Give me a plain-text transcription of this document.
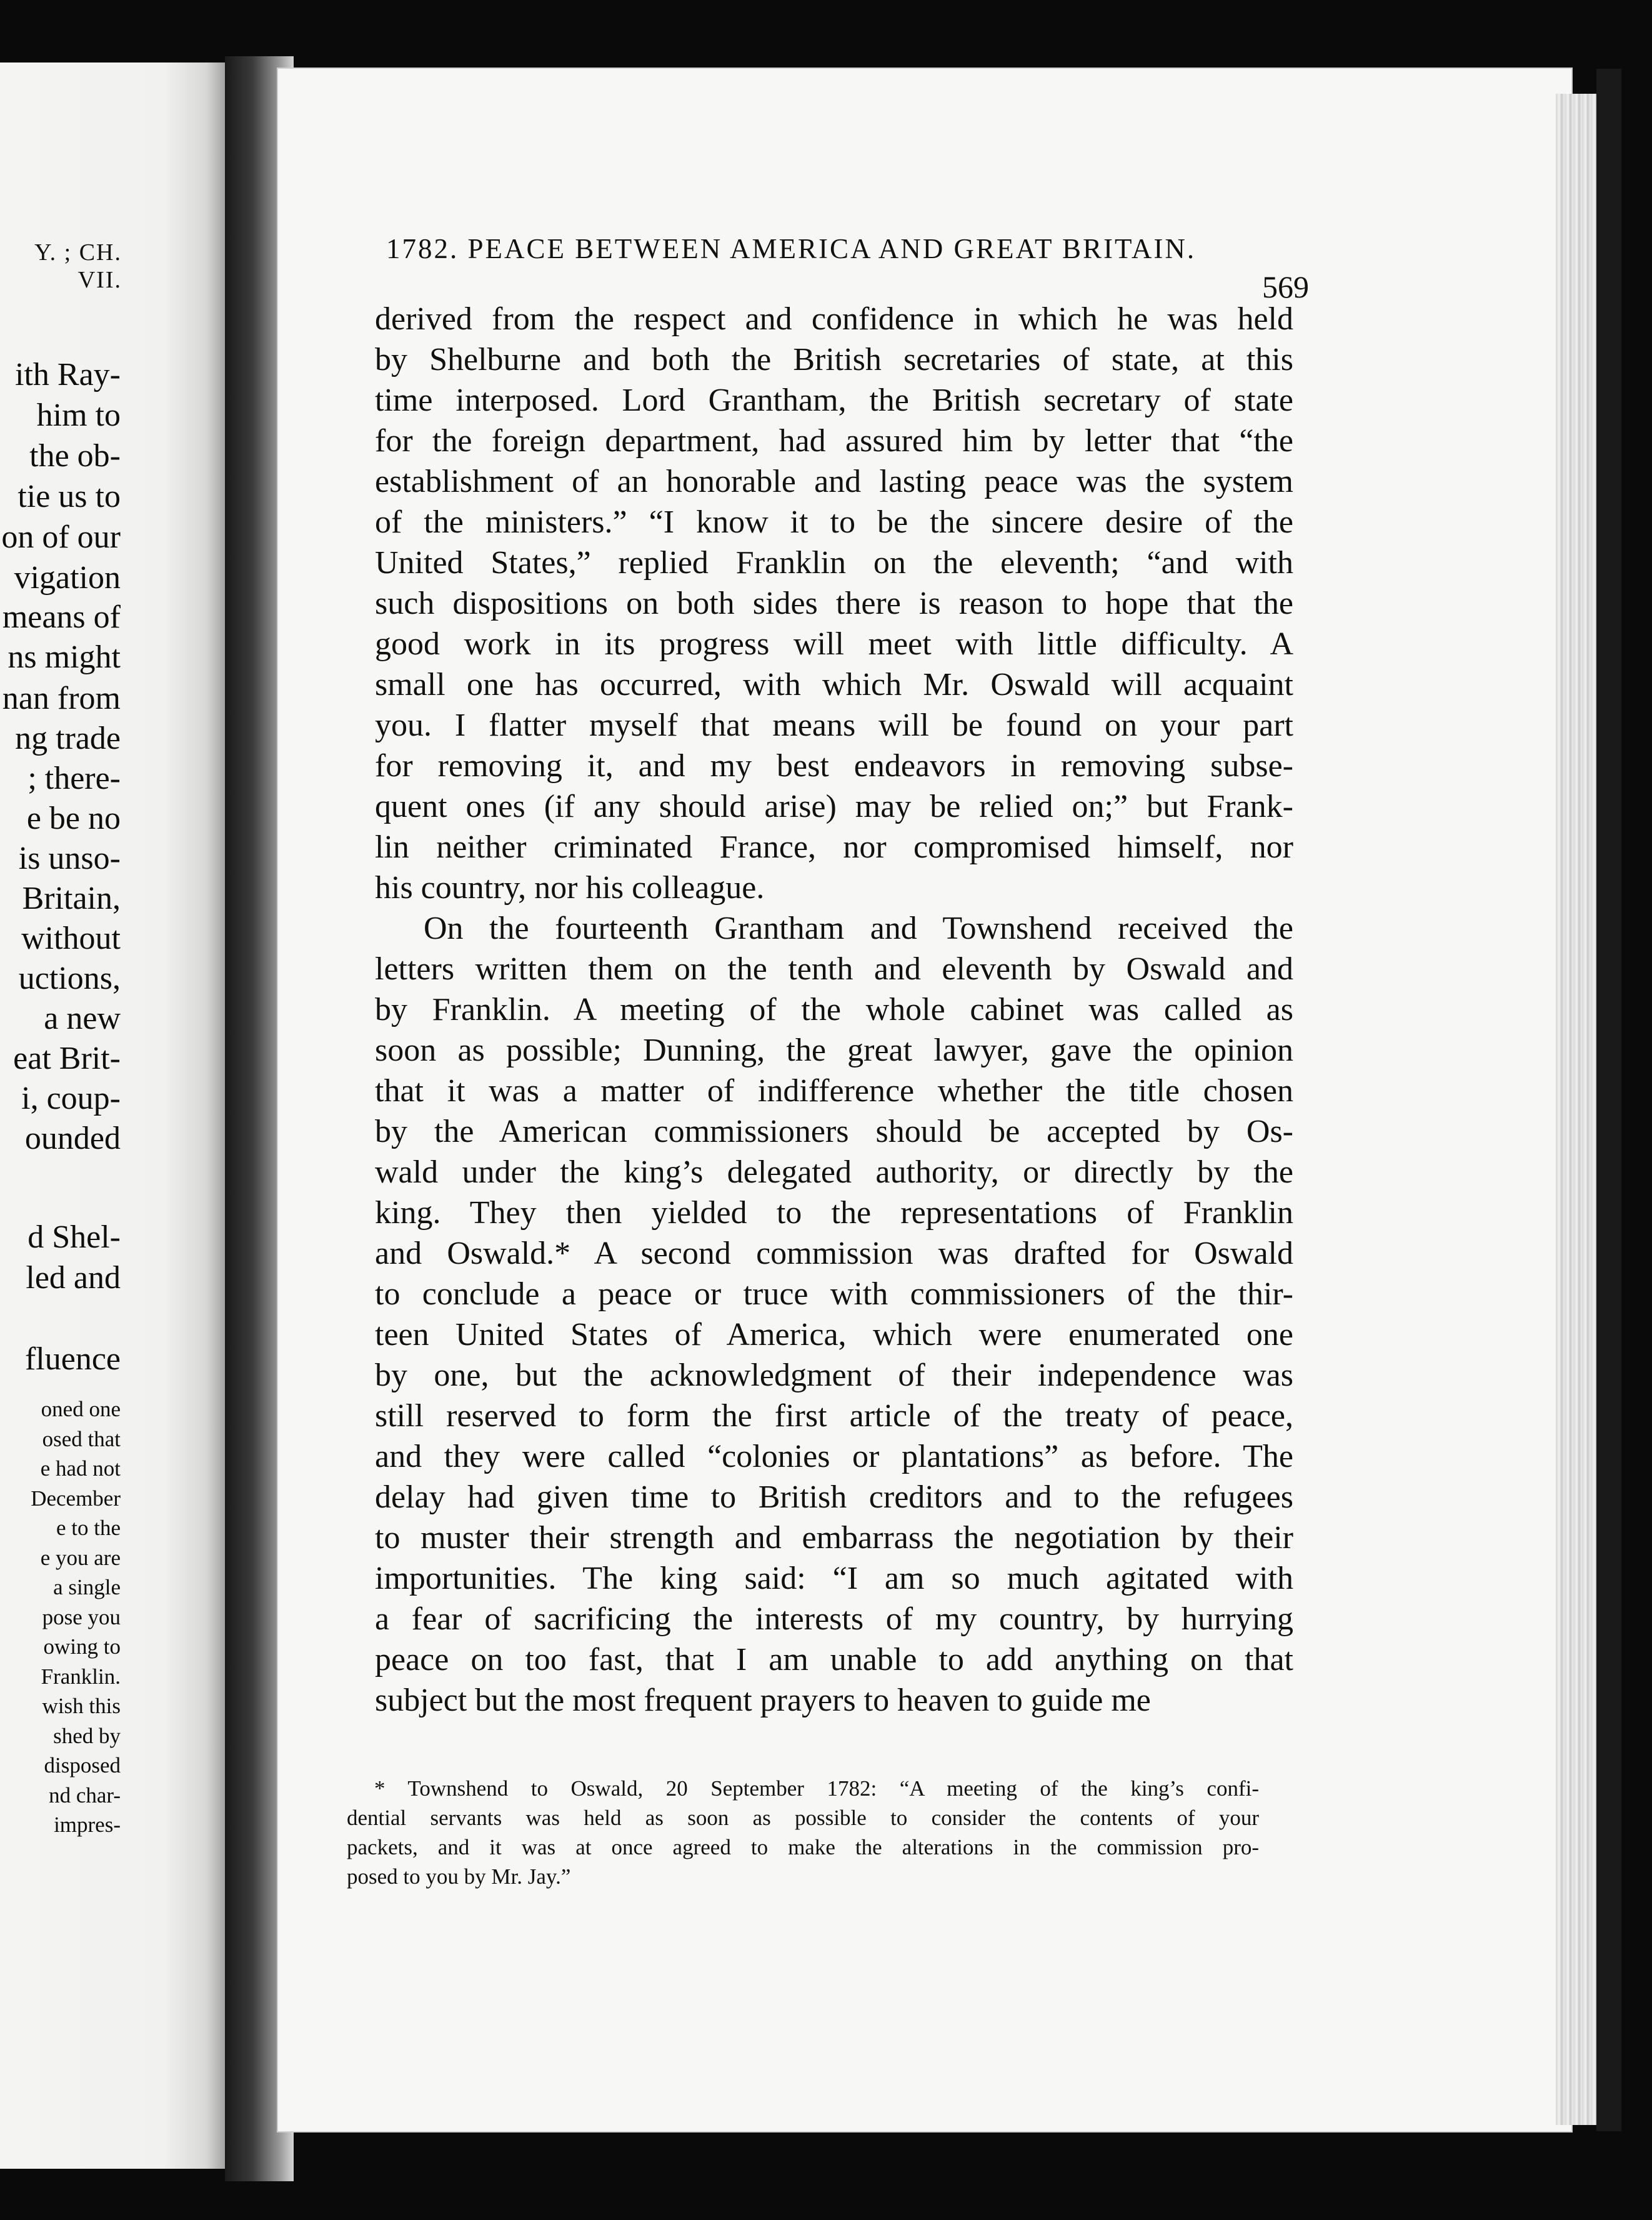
Y. ; CH. VII.
ith Ray-
him to
the ob-
tie us to
on of our
vigation
means of
ns might
nan from
ng trade
; there-
e be no
is unso-
Britain,
without
uctions,
a new
eat Brit-
i, coup-
ounded
d Shel-
led and
fluence
oned one
osed that
e had not
December
e to the
e you are
a single
pose you
owing to
Franklin.
wish this
shed by
disposed
nd char-
impres-
1782. PEACE BETWEEN AMERICA AND GREAT BRITAIN.
569
derived from the respect and confidence in which he was held
by Shelburne and both the British secretaries of state, at this
time interposed. Lord Grantham, the British secretary of state
for the foreign department, had assured him by letter that “the
establishment of an honorable and lasting peace was the system
of the ministers.” “I know it to be the sincere desire of the
United States,” replied Franklin on the eleventh; “and with
such dispositions on both sides there is reason to hope that the
good work in its progress will meet with little difficulty. A
small one has occurred, with which Mr. Oswald will acquaint
you. I flatter myself that means will be found on your part
for removing it, and my best endeavors in removing subse-
quent ones (if any should arise) may be relied on;” but Frank-
lin neither criminated France, nor compromised himself, nor
his country, nor his colleague.
On the fourteenth Grantham and Townshend received the
letters written them on the tenth and eleventh by Oswald and
by Franklin. A meeting of the whole cabinet was called as
soon as possible; Dunning, the great lawyer, gave the opinion
that it was a matter of indifference whether the title chosen
by the American commissioners should be accepted by Os-
wald under the king’s delegated authority, or directly by the
king. They then yielded to the representations of Franklin
and Oswald.* A second commission was drafted for Oswald
to conclude a peace or truce with commissioners of the thir-
teen United States of America, which were enumerated one
by one, but the acknowledgment of their independence was
still reserved to form the first article of the treaty of peace,
and they were called “colonies or plantations” as before. The
delay had given time to British creditors and to the refugees
to muster their strength and embarrass the negotiation by their
importunities. The king said: “I am so much agitated with
a fear of sacrificing the interests of my country, by hurrying
peace on too fast, that I am unable to add anything on that
subject but the most frequent prayers to heaven to guide me
* Townshend to Oswald, 20 September 1782: “A meeting of the king’s confi-
dential servants was held as soon as possible to consider the contents of your
packets, and it was at once agreed to make the alterations in the commission pro-
posed to you by Mr. Jay.”
